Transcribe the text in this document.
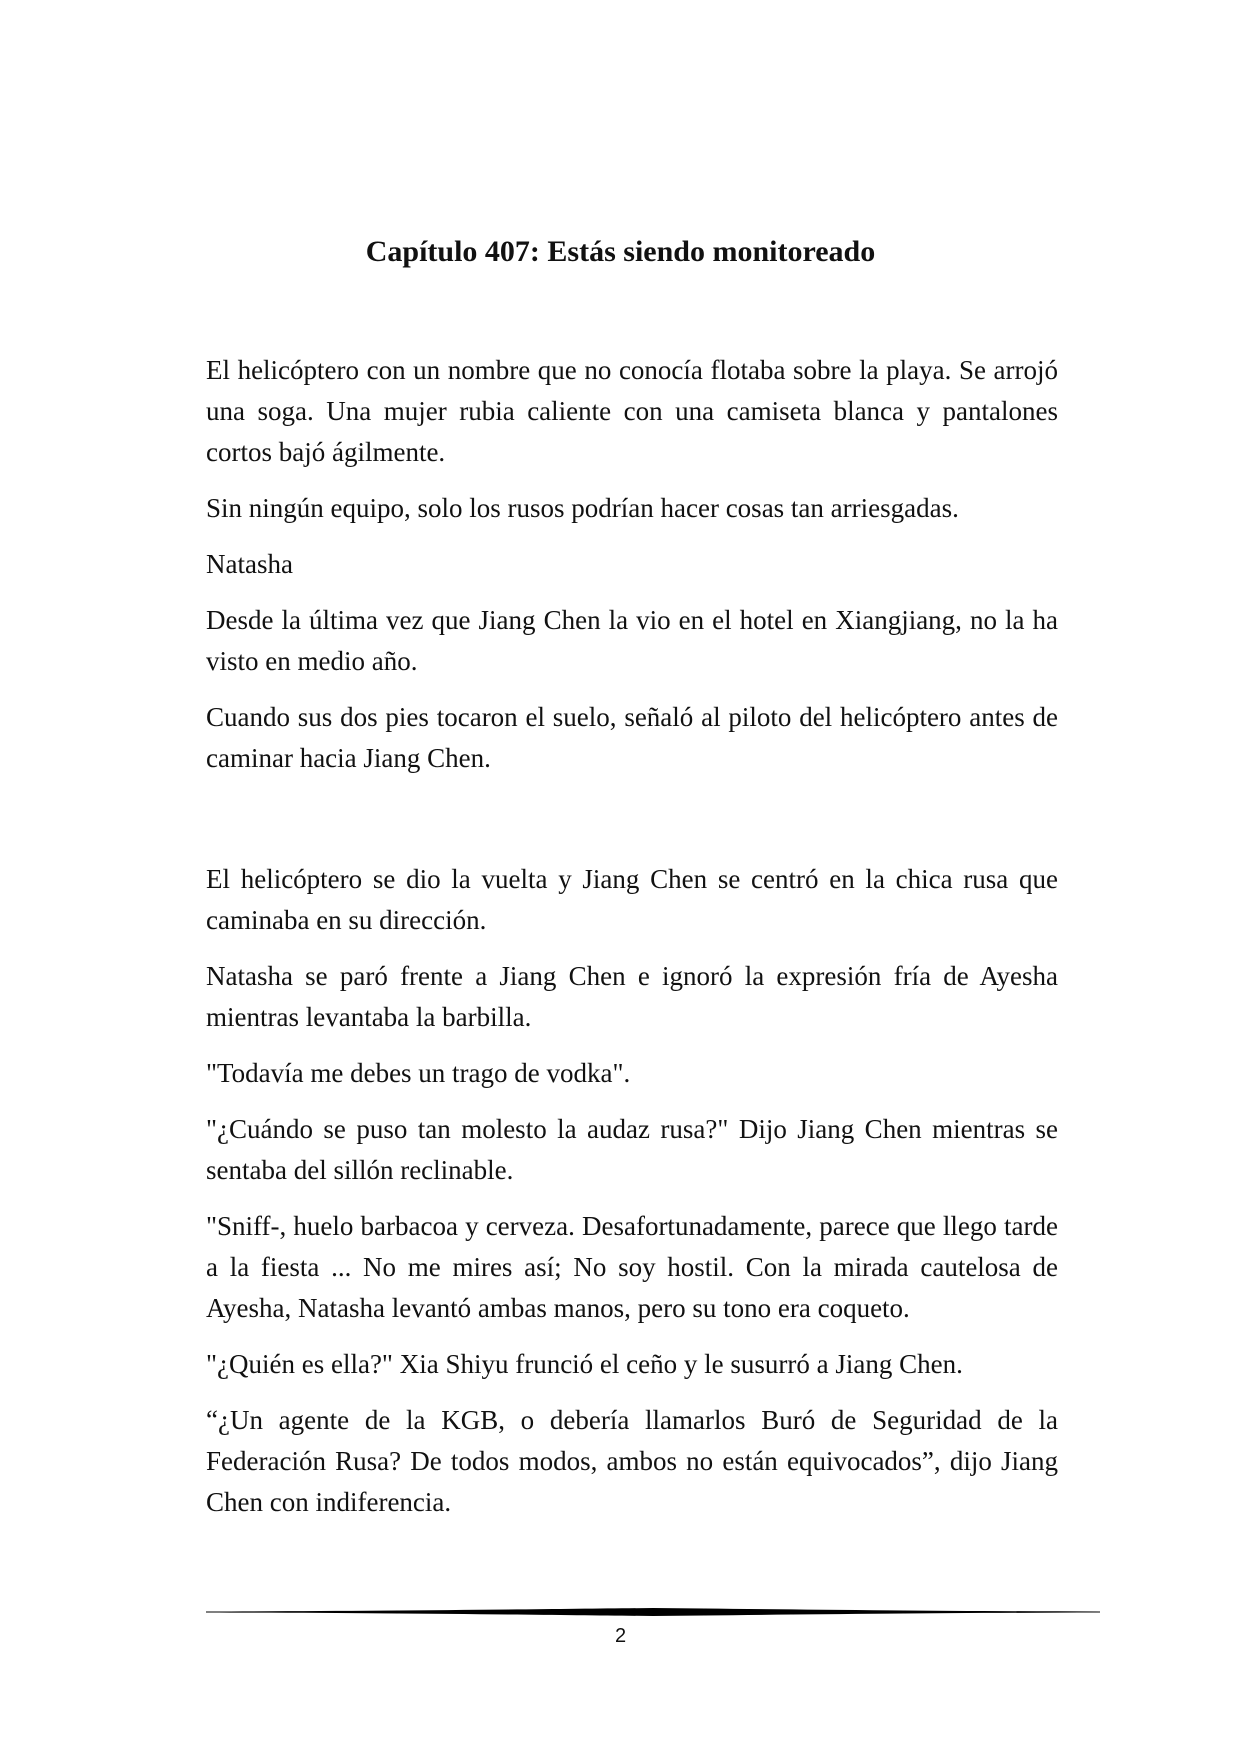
Capítulo 407: Estás siendo monitoreado

El helicóptero con un nombre que no conocía flotaba sobre la playa. Se arrojó una soga. Una mujer rubia caliente con una camiseta blanca y pantalones cortos bajó ágilmente.

Sin ningún equipo, solo los rusos podrían hacer cosas tan arriesgadas.

Natasha

Desde la última vez que Jiang Chen la vio en el hotel en Xiangjiang, no la ha visto en medio año.

Cuando sus dos pies tocaron el suelo, señaló al piloto del helicóptero antes de caminar hacia Jiang Chen.

El helicóptero se dio la vuelta y Jiang Chen se centró en la chica rusa que caminaba en su dirección.

Natasha se paró frente a Jiang Chen e ignoró la expresión fría de Ayesha mientras levantaba la barbilla.

"Todavía me debes un trago de vodka".

"¿Cuándo se puso tan molesto la audaz rusa?" Dijo Jiang Chen mientras se sentaba del sillón reclinable.

"Sniff-, huelo barbacoa y cerveza. Desafortunadamente, parece que llego tarde a la fiesta ... No me mires así; No soy hostil. Con la mirada cautelosa de Ayesha, Natasha levantó ambas manos, pero su tono era coqueto.

"¿Quién es ella?" Xia Shiyu frunció el ceño y le susurró a Jiang Chen.

“¿Un agente de la KGB, o debería llamarlos Buró de Seguridad de la Federación Rusa? De todos modos, ambos no están equivocados”, dijo Jiang Chen con indiferencia.

2
